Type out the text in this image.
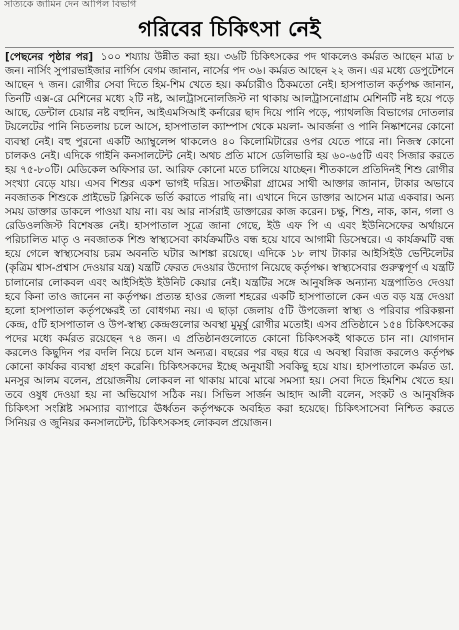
সত্যিকে জামিন দেন আপিল বিভাগ
গরিবের চিকিৎসা নেই

[পেছনের পৃষ্ঠার পর] ১০০ শয্যায় উন্নীত করা হয়। ৩৬টি চিকিৎসকের পদ থাকলেও কর্মরত আছেন মাত্র ৮ জন। নার্সিং সুপারভাইজার নার্গিস বেগম জানান, নার্সের পদ ৩৬। কর্মরত আছেন ২২ জন। এর মধ্যে ডেপুটেশনে আছেন ৭ জন। রোগীর সেবা দিতে হিম-শিম খেতে হয়। কর্মচারীও ঠিকমতো নেই। হাসপাতাল কর্তৃপক্ষ জানান, তিনটি এক্স-রে মেশিনের মধ্যে ২টি নষ্ট, আলট্রাসনোলজিস্ট না থাকায় আলট্রাসনোগ্রাম মেশিনটি নষ্ট হয়ে পড়ে আছে, ডেন্টাল চেয়ার নষ্ট বহুদিন, আইএমসিআই কর্নারের ছাদ দিয়ে পানি পড়ে, প্যাথলজি বিভাগের দোতলার টয়লেটের পানি নিচতলায় চলে আসে, হাসপাতাল ক্যাম্পাস থেকে ময়লা- আবর্জনা ও পানি নিষ্কাশনের কোনো ব্যবস্থা নেই। বহু পুরনো একটি অ্যাম্বুলেন্স থাকলেও ৪০ কিলোমিটারের ওপর যেতে পারে না। নিজস্ব কোনো চালকও নেই। এদিকে গাইনি কনসালটেন্ট নেই। অথচ প্রতি মাসে ডেলিভারি হয় ৬০-৬৫টি এবং সিজার করতে হয় ৭৫-৮০টি। মেডিকেল অফিসার ডা. আরিফ কোনো মতে চালিয়ে যাচ্ছেন। শীতকালে প্রতিদিনই শিশু রোগীর সংখ্যা বেড়ে যায়। এসব শিশুর একশ ভাগই দরিদ্র। সাতক্ষীরা গ্রামের সাথী আক্তার জানান, টাকার অভাবে নবজাতক শিশুকে প্রাইভেট ক্লিনিকে ভর্তি করাতে পারছি না। এখানে দিনে ডাক্তার আসেন মাত্র একবার। অন্য সময় ডাক্তার ডাকলে পাওয়া যায় না। বয় আর নার্সরাই ডাক্তারের কাজ করেন। চক্ষু, শিশু, নাক, কান, গলা ও রেডিওলজিস্ট বিশেষজ্ঞ নেই। হাসপাতাল সূত্রে জানা গেছে, ইউ এফ পি এ এবং ইউনিসেফের অর্থায়নে পরিচালিত মাতৃ ও নবজাতক শিশু স্বাস্থ্যসেবা কার্যক্রমটিও বন্ধ হয়ে যাবে আগামী ডিসেম্বরে। এ কার্যক্রমটি বন্ধ হয়ে গেলে স্বাস্থ্যসেবায় চরম অবনতি ঘটার আশঙ্কা রয়েছে। এদিকে ১৮ লাখ টাকার আইসিইউ ভেন্টিলেটর (কৃত্রিম শ্বাস-প্রশ্বাস দেওয়ার যন্ত্র) যন্ত্রটি ফেরত দেওয়ার উদ্যোগ নিয়েছে কর্তৃপক্ষ। স্বাস্থ্যসেবার গুরুত্বপূর্ণ এ যন্ত্রটি চালানোর লোকবল এবং আইসিইউ ইউনিট কেয়ার নেই। যন্ত্রটির সঙ্গে আনুষঙ্গিক অন্যান্য যন্ত্রপাতিও দেওয়া হবে কিনা তাও জানেন না কর্তৃপক্ষ। প্রত্যন্ত হাওর জেলা শহরের একটি হাসপাতালে কেন এত বড় যন্ত্র দেওয়া হলো হাসপাতাল কর্তৃপক্ষেরই তা বোধগম্য নয়। এ ছাড়া জেলায় ৫টি উপজেলা স্বাস্থ্য ও পরিবার পরিকল্পনা কেন্দ্র, ৫টি হাসপাতাল ও উপ-স্বাস্থ্য কেন্দ্রগুলোর অবস্থা মুমূর্ষু রোগীর মতোই। এসব প্রতিষ্ঠানে ১৫৪ চিকিৎসকের পদের মধ্যে কর্মরত রয়েছেন ৭৪ জন। এ প্রতিষ্ঠানগুলোতে কোনো চিকিৎসকই থাকতে চান না। যোগদান করলেও কিছুদিন পর বদলি নিয়ে চলে যান অন্যত্র। বছরের পর বছর ধরে এ অবস্থা বিরাজ করলেও কর্তৃপক্ষ কোনো কার্যকর ব্যবস্থা গ্রহণ করেনি। চিকিৎসকদের ইচ্ছে অনুযায়ী সবকিছু হয়ে যায়। হাসপাতালে কর্মরত ডা. মনসুর আলম বলেন, প্রয়োজনীয় লোকবল না থাকায় মাঝে মাঝে সমস্যা হয়। সেবা দিতে হিমশিম খেতে হয়। তবে ওষুধ দেওয়া হয় না অভিযোগ সঠিক নয়। সিভিল সার্জন আহাদ আলী বলেন, সংকট ও আনুষঙ্গিক চিকিৎসা সংশ্লিষ্ট সমস্যার ব্যাপারে ঊর্ধ্বতন কর্তৃপক্ষকে অবহিত করা হয়েছে। চিকিৎসাসেবা নিশ্চিত করতে সিনিয়র ও জুনিয়র কনসালটেন্ট, চিকিৎসকসহ লোকবল প্রয়োজন।
